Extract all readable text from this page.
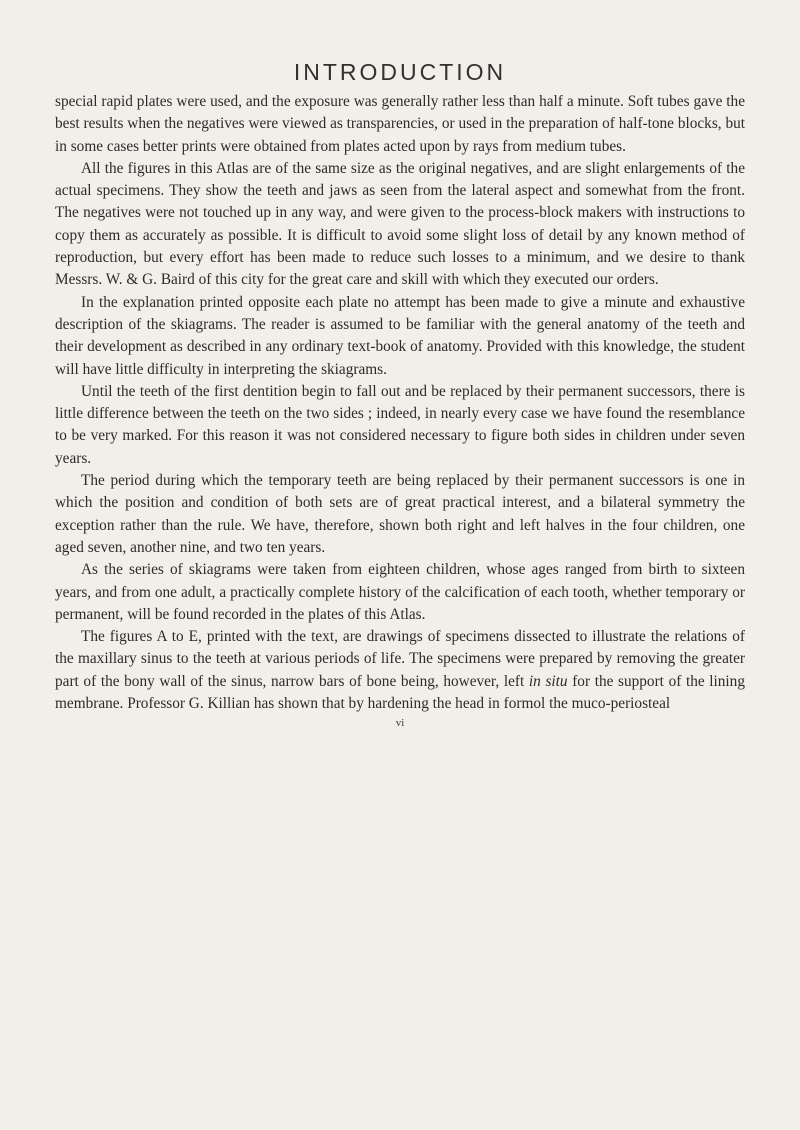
INTRODUCTION

special rapid plates were used, and the exposure was generally rather less than half a minute. Soft tubes gave the best results when the negatives were viewed as transparencies, or used in the preparation of half-tone blocks, but in some cases better prints were obtained from plates acted upon by rays from medium tubes.

All the figures in this Atlas are of the same size as the original negatives, and are slight enlargements of the actual specimens. They show the teeth and jaws as seen from the lateral aspect and somewhat from the front. The negatives were not touched up in any way, and were given to the process-block makers with instructions to copy them as accurately as possible. It is difficult to avoid some slight loss of detail by any known method of reproduction, but every effort has been made to reduce such losses to a minimum, and we desire to thank Messrs. W. & G. Baird of this city for the great care and skill with which they executed our orders.

In the explanation printed opposite each plate no attempt has been made to give a minute and exhaustive description of the skiagrams. The reader is assumed to be familiar with the general anatomy of the teeth and their development as described in any ordinary text-book of anatomy. Provided with this knowledge, the student will have little difficulty in interpreting the skiagrams.

Until the teeth of the first dentition begin to fall out and be replaced by their permanent successors, there is little difference between the teeth on the two sides ; indeed, in nearly every case we have found the resemblance to be very marked. For this reason it was not considered necessary to figure both sides in children under seven years.

The period during which the temporary teeth are being replaced by their permanent successors is one in which the position and condition of both sets are of great practical interest, and a bilateral symmetry the exception rather than the rule. We have, therefore, shown both right and left halves in the four children, one aged seven, another nine, and two ten years.

As the series of skiagrams were taken from eighteen children, whose ages ranged from birth to sixteen years, and from one adult, a practically complete history of the calcification of each tooth, whether temporary or permanent, will be found recorded in the plates of this Atlas.

The figures A to E, printed with the text, are drawings of specimens dissected to illustrate the relations of the maxillary sinus to the teeth at various periods of life. The specimens were prepared by removing the greater part of the bony wall of the sinus, narrow bars of bone being, however, left in situ for the support of the lining membrane. Professor G. Killian has shown that by hardening the head in formol the muco-periosteal

vi
